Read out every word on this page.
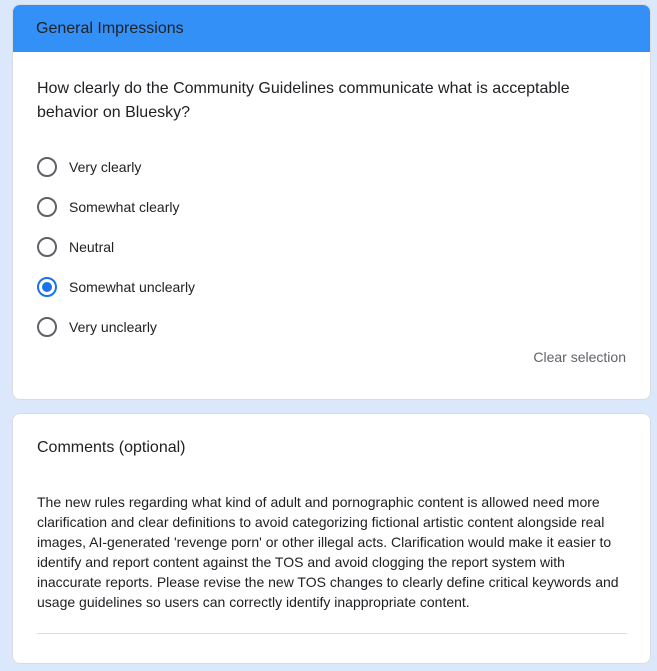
General Impressions
How clearly do the Community Guidelines communicate what is acceptable behavior on Bluesky?
Very clearly
Somewhat clearly
Neutral
Somewhat unclearly
Very unclearly
Clear selection
Comments (optional)
The new rules regarding what kind of adult and pornographic content is allowed need more clarification and clear definitions to avoid categorizing fictional artistic content alongside real images, AI-generated 'revenge porn' or other illegal acts. Clarification would make it easier to identify and report content against the TOS and avoid clogging the report system with inaccurate reports. Please revise the new TOS changes to clearly define critical keywords and usage guidelines so users can correctly identify inappropriate content.
